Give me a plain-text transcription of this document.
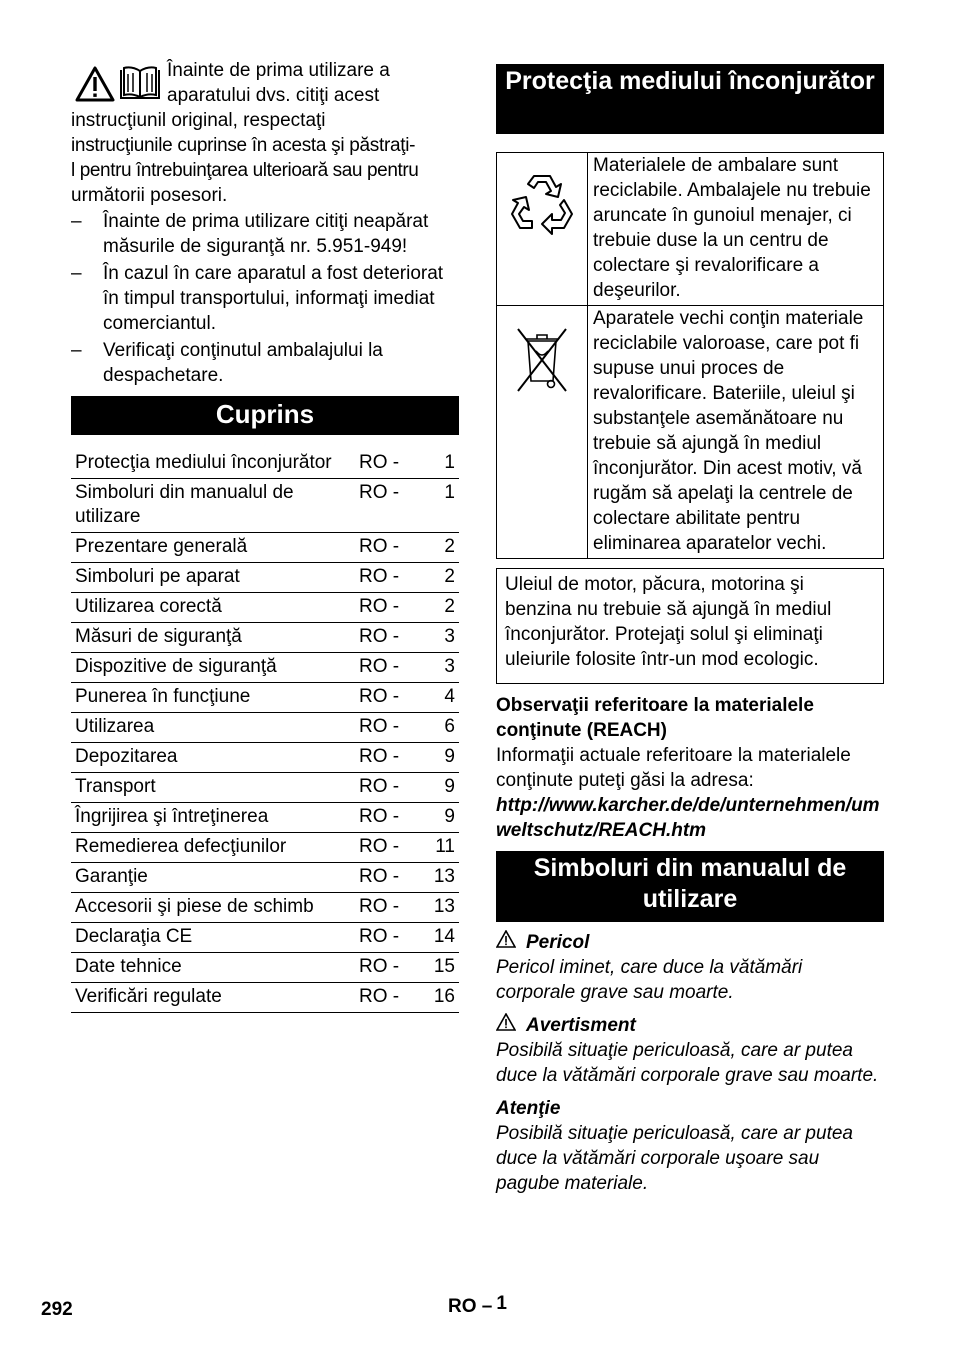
Înainte de prima utilizare a
aparatului dvs. citiţi acest
instrucţiunil original, respectaţi
instrucţiunile cuprinse în acesta şi păstraţi-
l pentru întrebuinţarea ulterioară sau pentru
următorii posesori.
– Înainte de prima utilizare citiţi neapărat măsurile de siguranţă nr. 5.951-949!
– În cazul în care aparatul a fost deteriorat în timpul transportului, informaţi imediat comerciantul.
– Verificaţi conţinutul ambalajului la despachetare.
Cuprins
Protecţia mediului înconjurător	RO -	1
Simboluri din manualul de utilizare	RO -	1
Prezentare generală	RO -	2
Simboluri pe aparat	RO -	2
Utilizarea corectă	RO -	2
Măsuri de siguranţă	RO -	3
Dispozitive de siguranţă	RO -	3
Punerea în funcţiune	RO -	4
Utilizarea	RO -	6
Depozitarea	RO -	9
Transport	RO -	9
Îngrijirea şi întreţinerea	RO -	9
Remedierea defecţiunilor	RO -	11
Garanţie	RO -	13
Accesorii şi piese de schimb	RO -	13
Declaraţia CE	RO -	14
Date tehnice	RO -	15
Verificări regulate	RO -	16
Protecţia mediului înconjurător
	Materialele de ambalare sunt reciclabile. Ambalajele nu trebuie aruncate în gunoiul menajer, ci trebuie duse la un centru de colectare şi revalorificare a deşeurilor.
	Aparatele vechi conţin materiale reciclabile valoroase, care pot fi supuse unui proces de revalorificare. Bateriile, uleiul şi substanţele asemănătoare nu trebuie să ajungă în mediul înconjurător. Din acest motiv, vă rugăm să apelaţi la centrele de colectare abilitate pentru eliminarea aparatelor vechi.
Uleiul de motor, păcura, motorina şi benzina nu trebuie să ajungă în mediul înconjurător. Protejaţi solul şi eliminaţi uleiurile folosite într-un mod ecologic.
Observaţii referitoare la materialele conţinute (REACH)
Informaţii actuale referitoare la materialele conţinute puteţi găsi la adresa:
http://www.karcher.de/de/unternehmen/umweltschutz/REACH.htm
Simboluri din manualul de utilizare
Pericol
Pericol iminet, care duce la vătămări corporale grave sau moarte.
Avertisment
Posibilă situaţie periculoasă, care ar putea duce la vătămări corporale grave sau moarte.
Atenţie
Posibilă situaţie periculoasă, care ar putea duce la vătămări corporale uşoare sau pagube materiale.
292	RO – 1
